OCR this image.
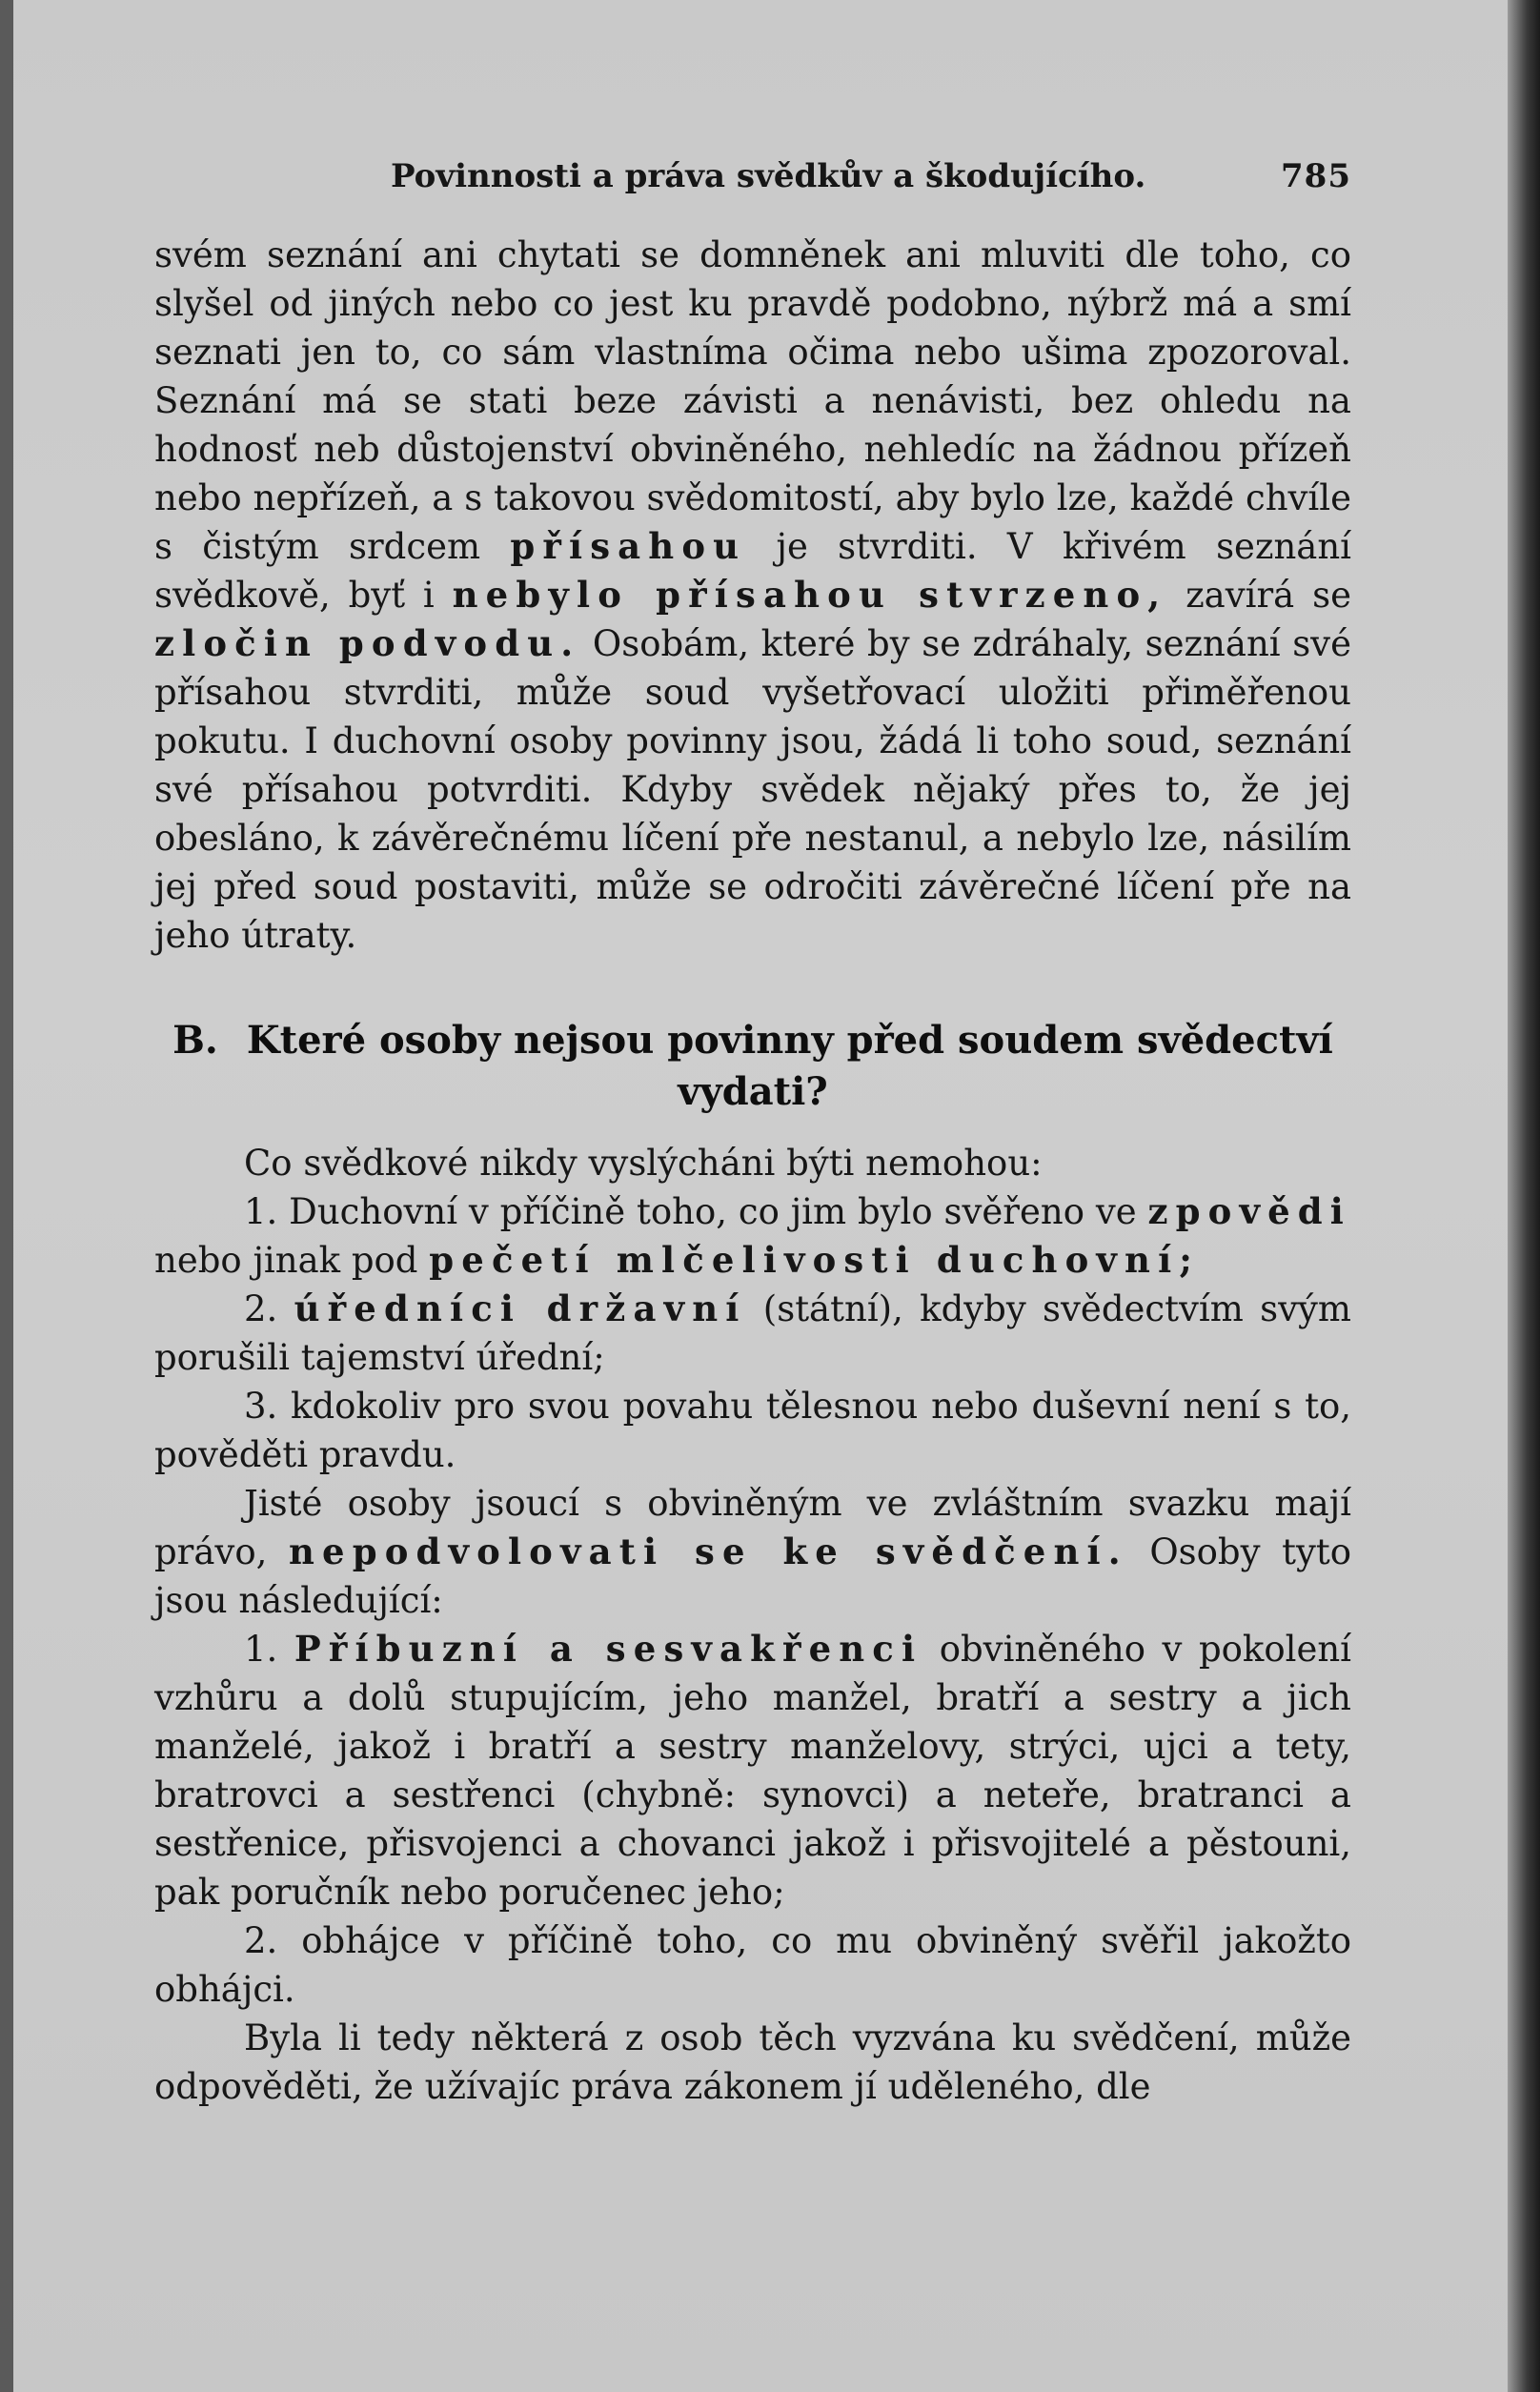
Povinnosti a práva svědkův a škodujícího.	785

svém seznání ani chytati se domněnek ani mluviti dle toho, co slyšel od jiných nebo co jest ku pravdě podobno, nýbrž má a smí seznati jen to, co sám vlastníma očima nebo ušima zpozoroval. Seznání má se stati beze závisti a nenávisti, bez ohledu na hodnosť neb důstojenství obviněného, nehledíc na žádnou přízeň nebo nepřízeň, a s takovou svědomitostí, aby bylo lze, každé chvíle s čistým srdcem přísahou je stvrditi. V křivém seznání svědkově, byť i nebylo přísahou stvrzeno, zavírá se zločin podvodu. Osobám, které by se zdráhaly, seznání své přísahou stvrditi, může soud vyšetřovací uložiti přiměřenou pokutu. I duchovní osoby povinny jsou, žádá li toho soud, seznání své přísahou potvrditi. Kdyby svědek nějaký přes to, že jej obesláno, k závěrečnému líčení pře nestanul, a nebylo lze, násilím jej před soud postaviti, může se odročiti závěrečné líčení pře na jeho útraty.

B. Které osoby nejsou povinny před soudem svědectví vydati?

Co svědkové nikdy vyslýcháni býti nemohou:

1. Duchovní v příčině toho, co jim bylo svěřeno ve zpovědi nebo jinak pod pečetí mlčelivosti duchovní;

2. úředníci državní (státní), kdyby svědectvím svým porušili tajemství úřední;

3. kdokoliv pro svou povahu tělesnou nebo duševní není s to, pověděti pravdu.

Jisté osoby jsoucí s obviněným ve zvláštním svazku mají právo, nepodvolovati se ke svědčení. Osoby tyto jsou následující:

1. Příbuzní a sesvakřenci obviněného v pokolení vzhůru a dolů stupujícím, jeho manžel, bratří a sestry a jich manželé, jakož i bratří a sestry manželovy, strýci, ujci a tety, bratrovci a sestřenci (chybně: synovci) a neteře, bratranci a sestřenice, přisvojenci a chovanci jakož i přisvojitelé a pěstouni, pak poručník nebo poručenec jeho;

2. obhájce v příčině toho, co mu obviněný svěřil jakožto obhájci.

Byla li tedy některá z osob těch vyzvána ku svědčení, může odpověděti, že užívajíc práva zákonem jí uděleného, dle
